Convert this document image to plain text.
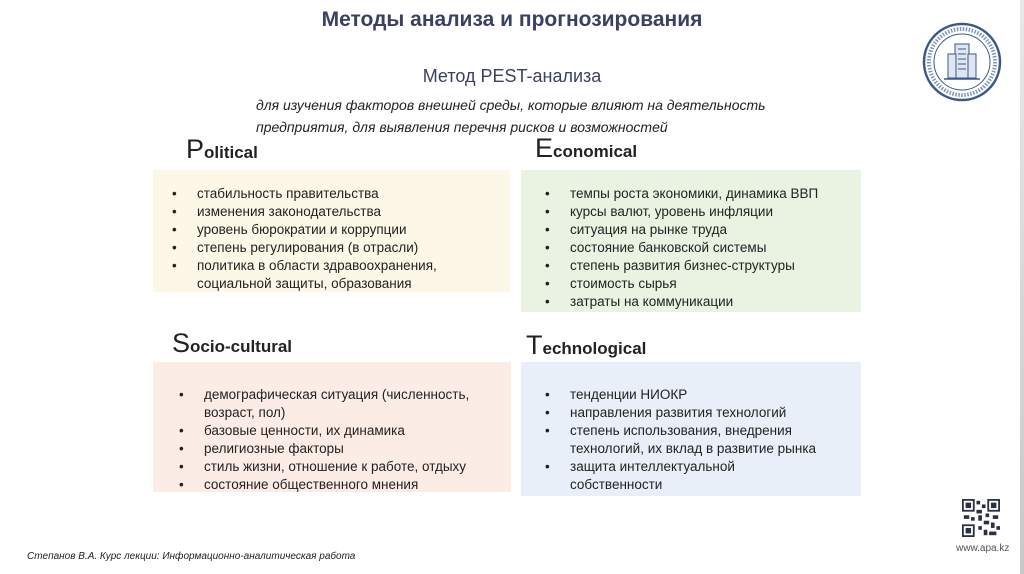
Методы анализа и прогнозирования
Метод PEST-анализа
для изучения факторов внешней среды, которые влияют на деятельность
предприятия, для выявления перечня рисков и возможностей
Political
• стабильность правительства
• изменения законодательства
• уровень бюрократии и коррупции
• степень регулирования (в отрасли)
• политика в области здравоохранения, социальной защиты, образования
Economical
• темпы роста экономики, динамика ВВП
• курсы валют, уровень инфляции
• ситуация на рынке труда
• состояние банковской системы
• степень развития бизнес-структуры
• стоимость сырья
• затраты на коммуникации
Socio-cultural
• демографическая ситуация (численность, возраст, пол)
• базовые ценности, их динамика
• религиозные факторы
• стиль жизни, отношение к работе, отдыху
• состояние общественного мнения
Technological
• тенденции НИОКР
• направления развития технологий
• степень использования, внедрения технологий, их вклад в развитие рынка
• защита интеллектуальной собственности
www.apa.kz
Степанов В.А. Курс лекции: Информационно-аналитическая работа
